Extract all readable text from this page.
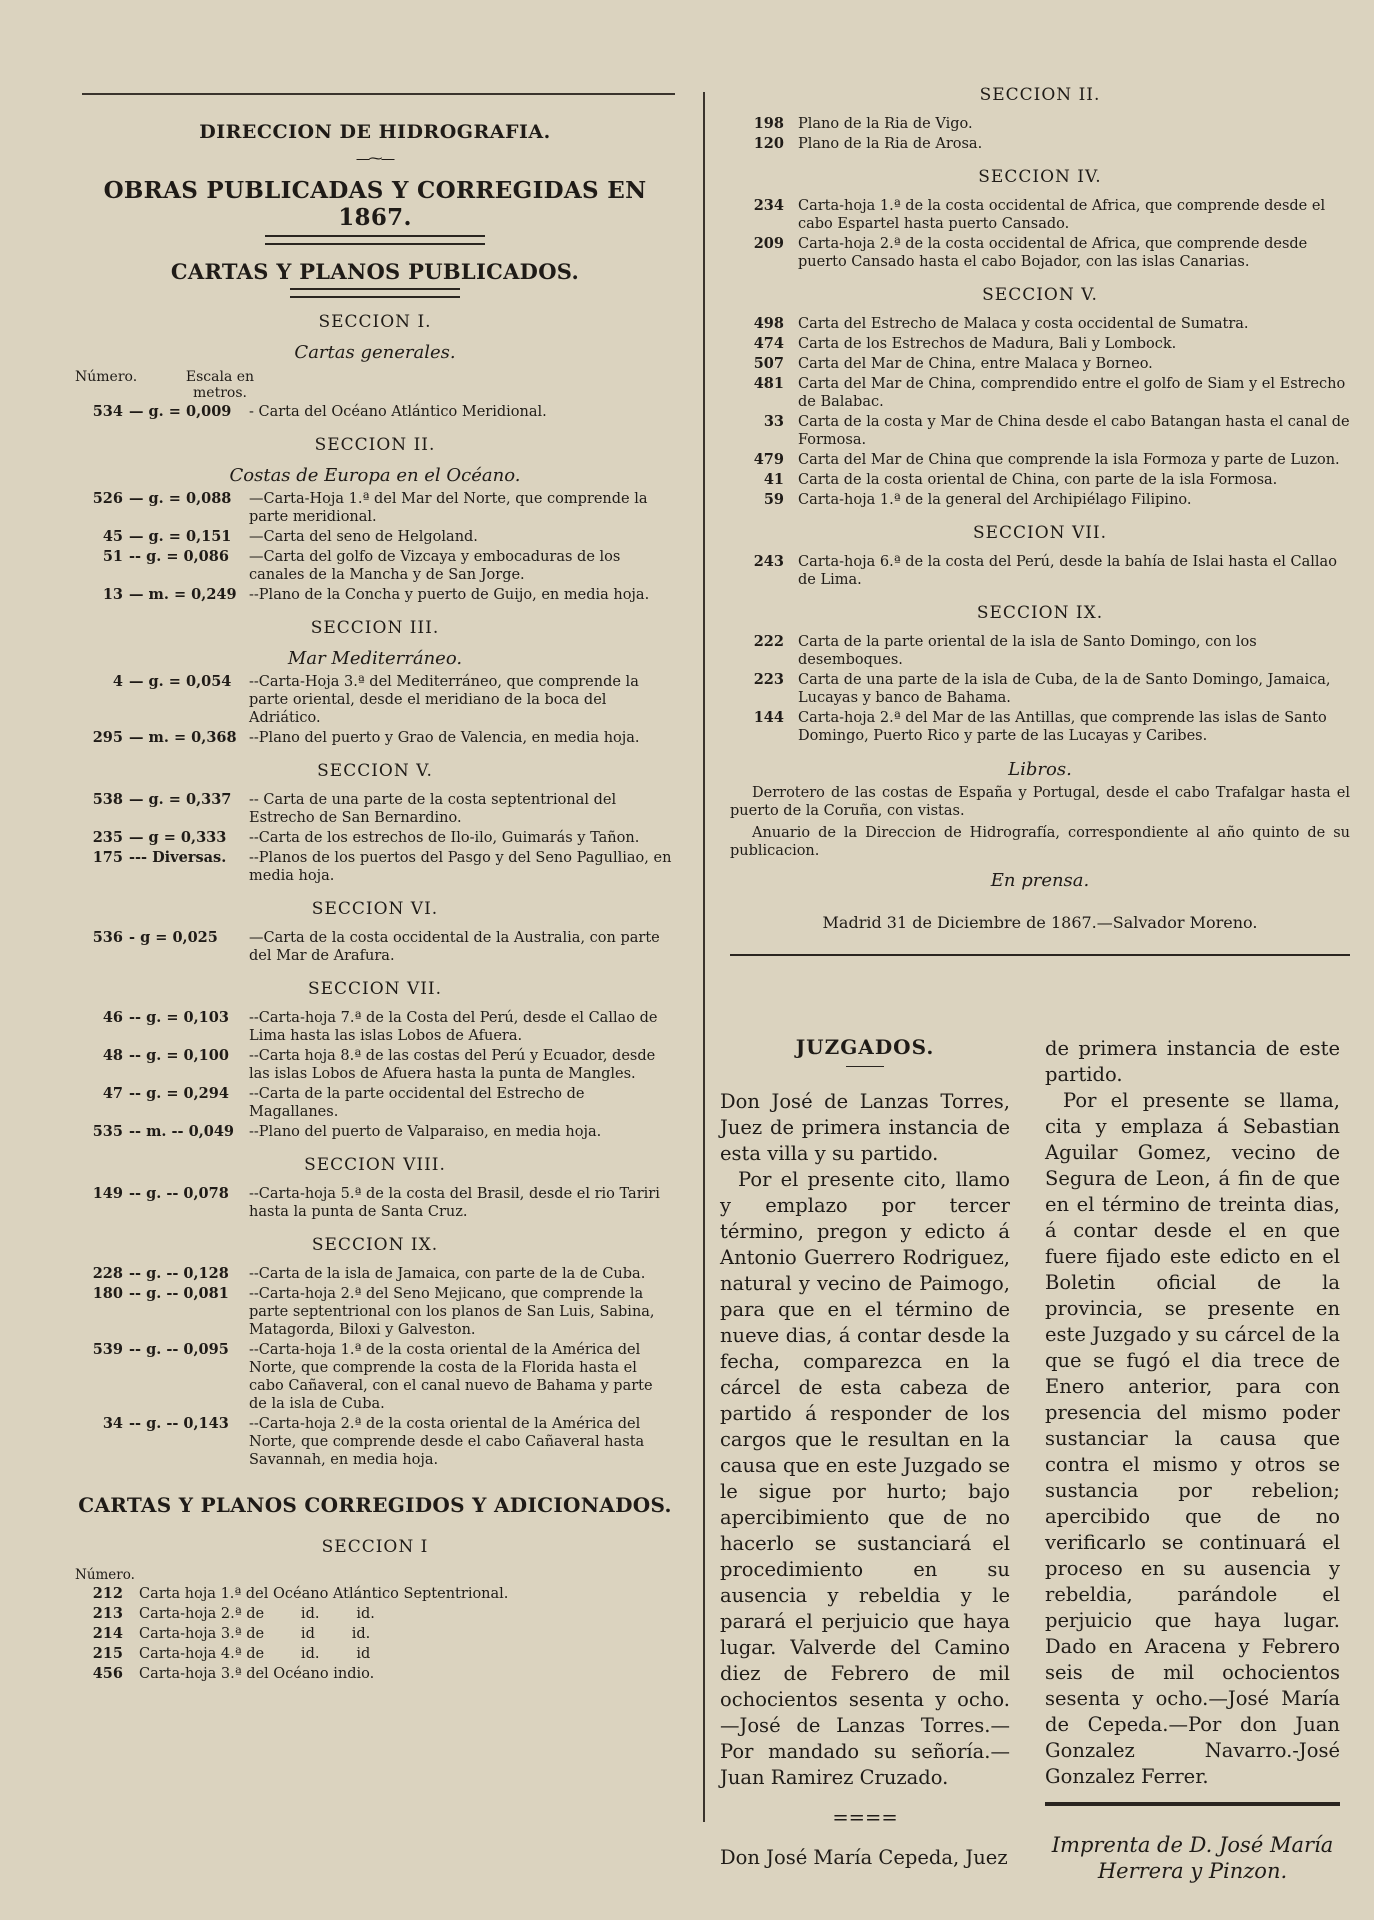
DIRECCION DE HIDROGRAFIA.
⎯⎯⁓⎯⎯
OBRAS PUBLICADAS Y CORREGIDAS EN 1867.
CARTAS Y PLANOS PUBLICADOS.
SECCION I.
Cartas generales.
Número.	Escala en metros.
534 — g. = 0,009	- Carta del Océano Atlántico Meridional.
SECCION II.
Costas de Europa en el Océano.
526 — g. = 0,088	—Carta-Hoja 1.ª del Mar del Norte, que comprende la parte meridional.
45 — g. = 0,151	—Carta del seno de Helgoland.
51 -- g. = 0,086	—Carta del golfo de Vizcaya y embocaduras de los canales de la Mancha y de San Jorge.
13 — m. = 0,249 --Plano de la Concha y puerto de Guijo, en media hoja.
SECCION III.
Mar Mediterráneo.
4 — g. = 0,054	--Carta-Hoja 3.ª del Mediterráneo, que comprende la parte oriental, desde el meridiano de la boca del Adriático.
295 — m. = 0,368 --Plano del puerto y Grao de Valencia, en media hoja.
SECCION V.
538 — g. = 0,337	-- Carta de una parte de la costa septentrional del Estrecho de San Bernardino.
235 — g = 0,333	--Carta de los estrechos de Ilo-ilo, Guimarás y Tañon.
175 --- Diversas.	--Planos de los puertos del Pasgo y del Seno Pagulliao, en media hoja.
SECCION VI.
536 - g = 0,025	—Carta de la costa occidental de la Australia, con parte del Mar de Arafura.
SECCION VII.
46 -- g. = 0,103	--Carta-hoja 7.ª de la Costa del Perú, desde el Callao de Lima hasta las islas Lobos de Afuera.
48 -- g. = 0,100	--Carta hoja 8.ª de las costas del Perú y Ecuador, desde las islas Lobos de Afuera hasta la punta de Mangles.
47 -- g. = 0,294	--Carta de la parte occidental del Estrecho de Magallanes.
535 -- m. -- 0,049	--Plano del puerto de Valparaiso, en media hoja.
SECCION VIII.
149 -- g. -- 0,078	--Carta-hoja 5.ª de la costa del Brasil, desde el rio Tariri hasta la punta de Santa Cruz.
SECCION IX.
228 -- g. -- 0,128	--Carta de la isla de Jamaica, con parte de la de Cuba.
180 -- g. -- 0,081	--Carta-hoja 2.ª del Seno Mejicano, que comprende la parte septentrional con los planos de San Luis, Sabina, Matagorda, Biloxi y Galveston.
539 -- g. -- 0,095	--Carta-hoja 1.ª de la costa oriental de la América del Norte, que comprende la costa de la Florida hasta el cabo Cañaveral, con el canal nuevo de Bahama y parte de la isla de Cuba.
34 -- g. -- 0,143	--Carta-hoja 2.ª de la costa oriental de la América del Norte, que comprende desde el cabo Cañaveral hasta Savannah, en media hoja.
CARTAS Y PLANOS CORREGIDOS Y ADICIONADOS.
SECCION I
Número.
212	Carta hoja 1.ª del Océano Atlántico Septentrional.
213	Carta-hoja 2.ª de        id.        id.
214	Carta-hoja 3.ª de        id        id.
215	Carta-hoja 4.ª de        id.        id
456	Carta-hoja 3.ª del Océano indio.
SECCION II.
198 Plano de la Ria de Vigo.
120 Plano de la Ria de Arosa.
SECCION IV.
234 Carta-hoja 1.ª de la costa occidental de Africa, que comprende desde el cabo Espartel hasta puerto Cansado.
209 Carta-hoja 2.ª de la costa occidental de Africa, que comprende desde puerto Cansado hasta el cabo Bojador, con las islas Canarias.
SECCION V.
498 Carta del Estrecho de Malaca y costa occidental de Sumatra.
474 Carta de los Estrechos de Madura, Bali y Lombock.
507 Carta del Mar de China, entre Malaca y Borneo.
481 Carta del Mar de China, comprendido entre el golfo de Siam y el Estrecho de Balabac.
33 Carta de la costa y Mar de China desde el cabo Batangan hasta el canal de Formosa.
479 Carta del Mar de China que comprende la isla Formoza y parte de Luzon.
41 Carta de la costa oriental de China, con parte de la isla Formosa.
59 Carta-hoja 1.ª de la general del Archipiélago Filipino.
SECCION VII.
243 Carta-hoja 6.ª de la costa del Perú, desde la bahía de Islai hasta el Callao de Lima.
SECCION IX.
222 Carta de la parte oriental de la isla de Santo Domingo, con los desemboques.
223 Carta de una parte de la isla de Cuba, de la de Santo Domingo, Jamaica, Lucayas y banco de Bahama.
144 Carta-hoja 2.ª del Mar de las Antillas, que comprende las islas de Santo Domingo, Puerto Rico y parte de las Lucayas y Caribes.
Libros.
Derrotero de las costas de España y Portugal, desde el cabo Trafalgar hasta el puerto de la Coruña, con vistas.
Anuario de la Direccion de Hidrografía, correspondiente al año quinto de su publicacion.
En prensa.
Madrid 31 de Diciembre de 1867.—Salvador Moreno.
JUZGADOS.

Don José de Lanzas Torres, Juez de primera instancia de esta villa y su partido.

Por el presente cito, llamo y emplazo por tercer término, pregon y edicto á Antonio Guerrero Rodriguez, natural y vecino de Paimogo, para que en el término de nueve dias, á contar desde la fecha, comparezca en la cárcel de esta cabeza de partido á responder de los cargos que le resultan en la causa que en este Juzgado se le sigue por hurto; bajo apercibimiento que de no hacerlo se sustanciará el procedimiento en su ausencia y rebeldia y le parará el perjuicio que haya lugar. Valverde del Camino diez de Febrero de mil ochocientos sesenta y ocho.—José de Lanzas Torres.—Por mandado su señoría.—Juan Ramirez Cruzado.

====

Don José María Cepeda, Juez

de primera instancia de este partido.

Por el presente se llama, cita y emplaza á Sebastian Aguilar Gomez, vecino de Segura de Leon, á fin de que en el término de treinta dias, á contar desde el en que fuere fijado este edicto en el Boletin oficial de la provincia, se presente en este Juzgado y su cárcel de la que se fugó el dia trece de Enero anterior, para con presencia del mismo poder sustanciar la causa que contra el mismo y otros se sustancia por rebelion; apercibido que de no verificarlo se continuará el proceso en su ausencia y rebeldia, parándole el perjuicio que haya lugar. Dado en Aracena y Febrero seis de mil ochocientos sesenta y ocho.—José María de Cepeda.—Por don Juan Gonzalez Navarro.-José Gonzalez Ferrer.

Imprenta de D. José María

Herrera y Pinzon.
